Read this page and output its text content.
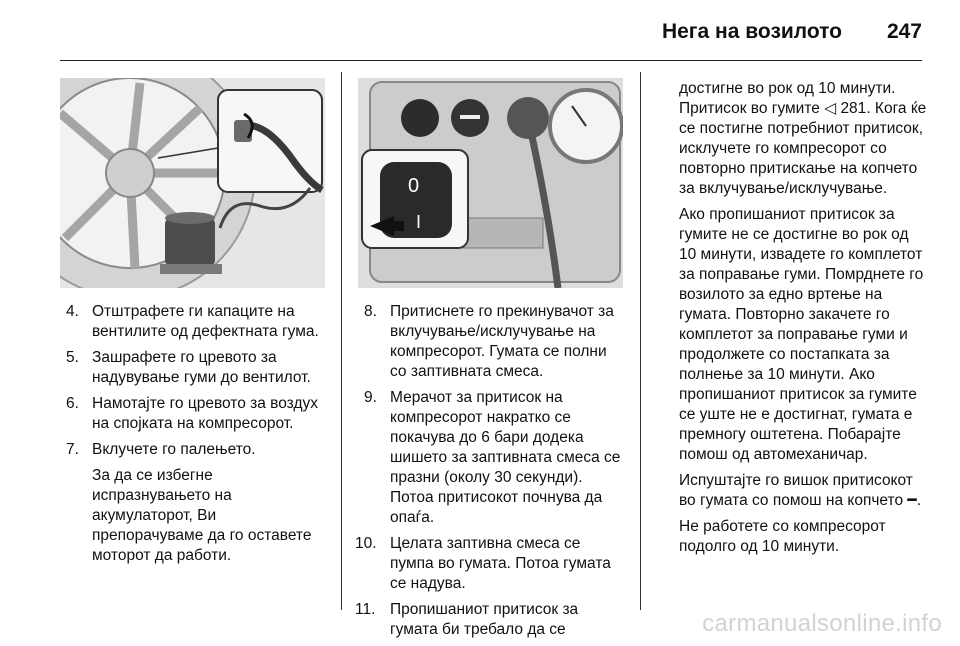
Нега на возилото 247
0
I
4. Отштрафете ги капаците на вентилите од дефектната гума.
5. Зашрафете го цревото за надувување гуми до вентилот.
6. Намотајте го цревото за воздух на спојката на компресорот.
7. Вклучете го палењето.
За да се избегне испразнувањето на акумулаторот, Ви препорачуваме да го оставете моторот да работи.
8. Притиснете го прекинувачот за вклучување/исклучување на компресорот. Гумата се полни со заптивната смеса.
9. Мерачот за притисок на компресорот накратко се покачува до 6 бари додека шишето за заптивната смеса се празни (околу 30 секунди). Потоа притисокот почнува да опаѓа.
10. Целата заптивна смеса се пумпа во гумата. Потоа гумата се надува.
11. Пропишаниот притисок за гумата би требало да се

достигне во рок од 10 минути. Притисок во гумите ◁ 281. Кога ќе се постигне потребниот притисок, исклучете го компресорот со повторно притискање на копчето за вклучување/исклучување.

Ако пропишаниот притисок за гумите не се достигне во рок од 10 минути, извадете го комплетот за поправање гуми. Помрднете го возилото за едно вртење на гумата. Повторно закачете го комплетот за поправање гуми и продолжете со постапката за полнење за 10 минути. Ако пропишаниот притисок за гумите се уште не е достигнат, гумата е премногу оштетена. Побарајте помош од автомеханичар.

Испуштајте го вишок притисокот во гумата со помош на копчето ━.

Не работете со компресорот подолго од 10 минути.

carmanualsonline.info
